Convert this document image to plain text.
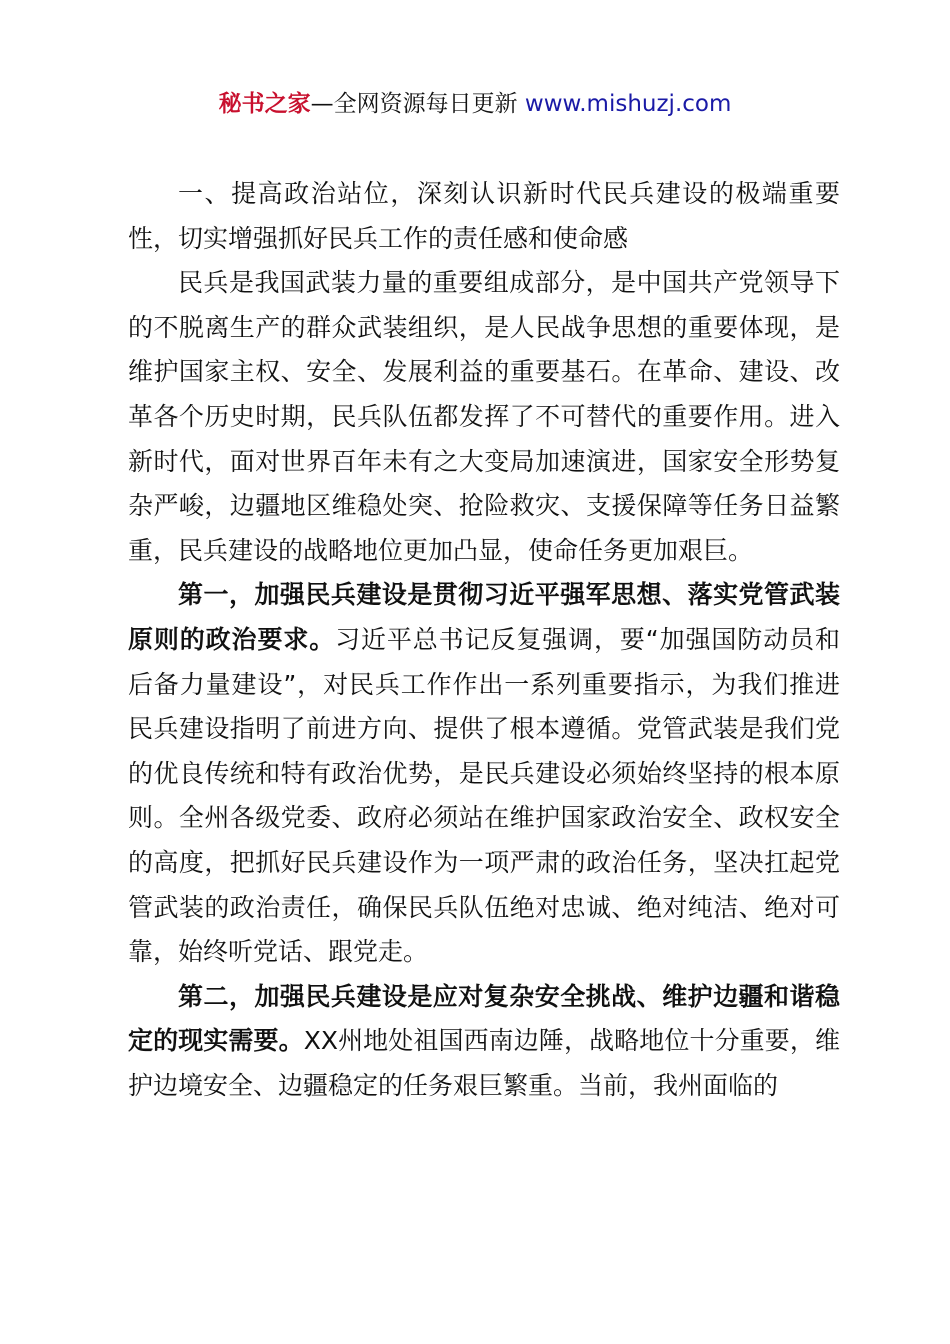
秘书之家—全网资源每日更新 www.mishuzj.com

一、提高政治站位，深刻认识新时代民兵建设的极端重要性，切实增强抓好民兵工作的责任感和使命感

民兵是我国武装力量的重要组成部分，是中国共产党领导下的不脱离生产的群众武装组织，是人民战争思想的重要体现，是维护国家主权、安全、发展利益的重要基石。在革命、建设、改革各个历史时期，民兵队伍都发挥了不可替代的重要作用。进入新时代，面对世界百年未有之大变局加速演进，国家安全形势复杂严峻，边疆地区维稳处突、抢险救灾、支援保障等任务日益繁重，民兵建设的战略地位更加凸显，使命任务更加艰巨。

第一，加强民兵建设是贯彻习近平强军思想、落实党管武装原则的政治要求。习近平总书记反复强调，要“加强国防动员和后备力量建设”，对民兵工作作出一系列重要指示，为我们推进民兵建设指明了前进方向、提供了根本遵循。党管武装是我们党的优良传统和特有政治优势，是民兵建设必须始终坚持的根本原则。全州各级党委、政府必须站在维护国家政治安全、政权安全的高度，把抓好民兵建设作为一项严肃的政治任务，坚决扛起党管武装的政治责任，确保民兵队伍绝对忠诚、绝对纯洁、绝对可靠，始终听党话、跟党走。

第二，加强民兵建设是应对复杂安全挑战、维护边疆和谐稳定的现实需要。XX州地处祖国西南边陲，战略地位十分重要，维护边境安全、边疆稳定的任务艰巨繁重。当前，我州面临的
